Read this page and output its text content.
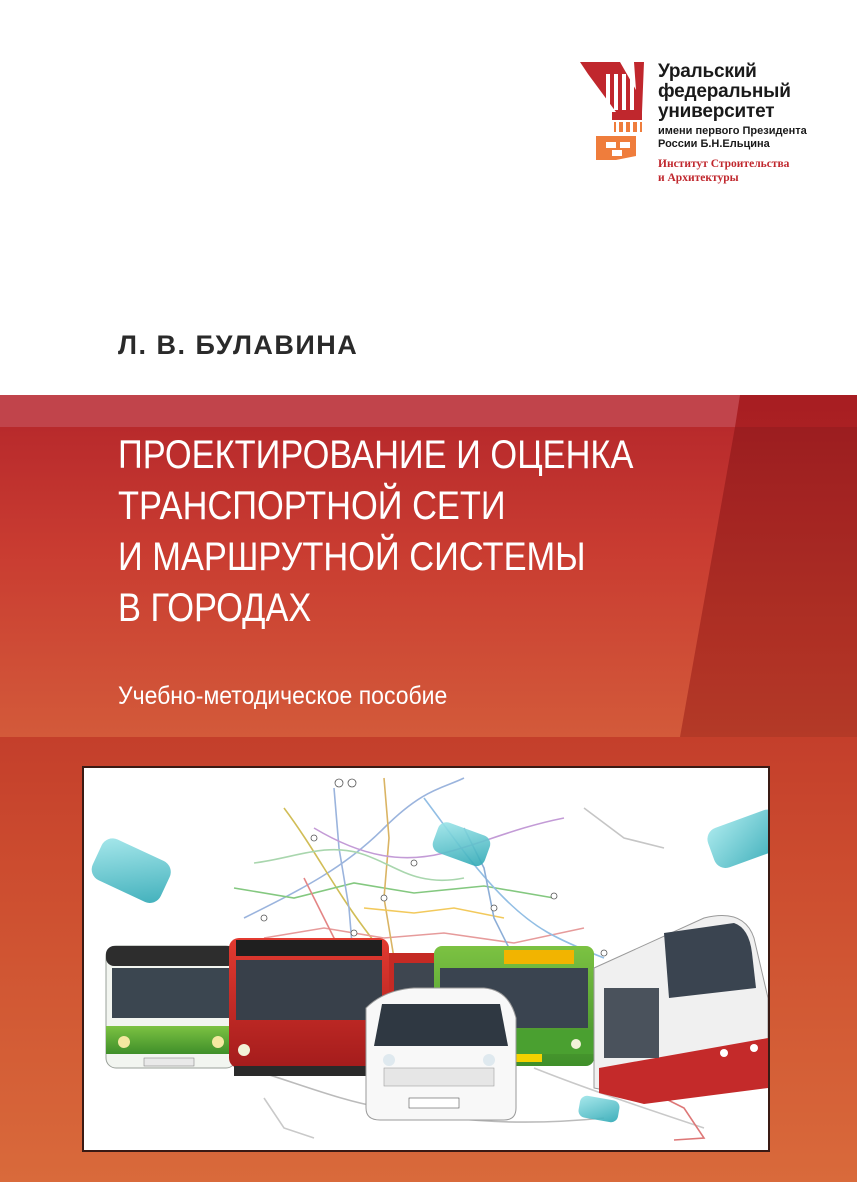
Уральский
федеральный
университет
имени первого Президента
России Б.Н.Ельцина
Институт Строительства
и Архитектуры
Л. В. БУЛАВИНА
ПРОЕКТИРОВАНИЕ И ОЦЕНКА
ТРАНСПОРТНОЙ СЕТИ
И МАРШРУТНОЙ СИСТЕМЫ
В ГОРОДАХ
Учебно-методическое пособие
